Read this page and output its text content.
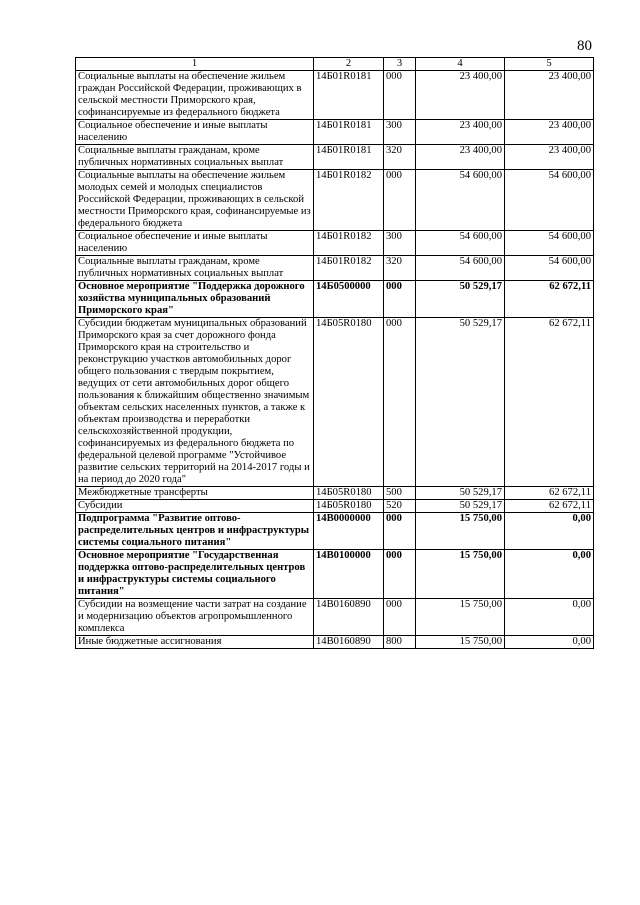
80
1	2	3	4	5
Социальные выплаты на обеспечение жильем граждан Российской Федерации, проживающих в сельской местности Приморского края, софинансируемые из федерального бюджета	14Б01R0181	000	23 400,00	23 400,00
Социальное обеспечение и иные выплаты населению	14Б01R0181	300	23 400,00	23 400,00
Социальные выплаты гражданам, кроме публичных нормативных социальных выплат	14Б01R0181	320	23 400,00	23 400,00
Социальные выплаты на обеспечение жильем молодых семей и молодых специалистов Российской Федерации, проживающих в сельской местности Приморского края, софинансируемые из федерального бюджета	14Б01R0182	000	54 600,00	54 600,00
Социальное обеспечение и иные выплаты населению	14Б01R0182	300	54 600,00	54 600,00
Социальные выплаты гражданам, кроме публичных нормативных социальных выплат	14Б01R0182	320	54 600,00	54 600,00
Основное мероприятие "Поддержка дорожного хозяйства муниципальных образований Приморского края"	14Б0500000	000	50 529,17	62 672,11
Субсидии бюджетам муниципальных образований Приморского края за счет дорожного фонда Приморского края на строительство и реконструкцию участков автомобильных дорог общего пользования с твердым покрытием, ведущих от сети автомобильных дорог общего пользования к ближайшим общественно значимым объектам сельских населенных пунктов, а также к объектам производства и переработки сельскохозяйственной продукции, софинансируемых из федерального бюджета по федеральной целевой программе "Устойчивое развитие сельских территорий на 2014-2017 годы и на период до 2020 года"	14Б05R0180	000	50 529,17	62 672,11
Межбюджетные трансферты	14Б05R0180	500	50 529,17	62 672,11
Субсидии	14Б05R0180	520	50 529,17	62 672,11
Подпрограмма "Развитие оптово-распределительных центров и инфраструктуры системы социального питания"	14В0000000	000	15 750,00	0,00
Основное мероприятие "Государственная поддержка оптово-распределительных центров и инфраструктуры системы социального питания"	14В0100000	000	15 750,00	0,00
Субсидии на возмещение части затрат на создание и модернизацию объектов агропромышленного комплекса	14В0160890	000	15 750,00	0,00
Иные бюджетные ассигнования	14В0160890	800	15 750,00	0,00
